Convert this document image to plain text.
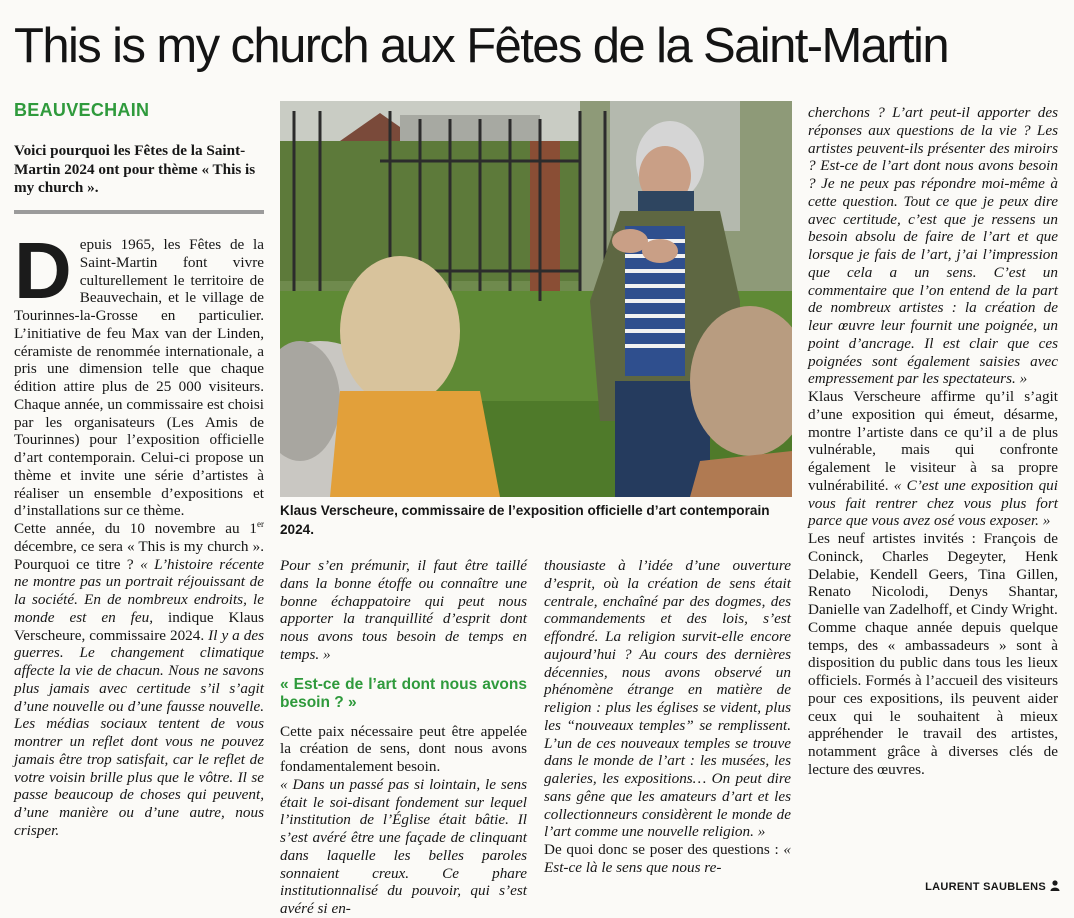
This is my church aux Fêtes de la Saint-Martin
BEAUVECHAIN
Voici pourquoi les Fêtes de la Saint-Martin 2024 ont pour thème « This is my church ».

Depuis 1965, les Fêtes de la Saint-Martin font vivre culturellement le territoire de Beauvechain, et le village de Tourinnes-la-Grosse en particulier. L’initiative de feu Max van der Linden, céramiste de renommée internationale, a pris une dimension telle que chaque édition attire plus de 25 000 visiteurs. Chaque année, un commissaire est choisi par les organisateurs (Les Amis de Tourinnes) pour l’exposition officielle d’art contemporain. Celui-ci propose un thème et invite une série d’artistes à réaliser un ensemble d’expositions et d’installations sur ce thème.

Cette année, du 10 novembre au 1er décembre, ce sera « This is my church ». Pourquoi ce titre ? « L’histoire récente ne montre pas un portrait réjouissant de la société. En de nombreux endroits, le monde est en feu, indique Klaus Verscheure, commissaire 2024. Il y a des guerres. Le changement climatique affecte la vie de chacun. Nous ne savons plus jamais avec certitude s’il s’agit d’une nouvelle ou d’une fausse nouvelle. Les médias sociaux tentent de vous montrer un reflet dont vous ne pouvez jamais être trop satisfait, car le reflet de votre voisin brille plus que le vôtre. Il se passe beaucoup de choses qui peuvent, d’une manière ou d’une autre, nous crisper.

Klaus Verscheure, commissaire de l’exposition officielle d’art contemporain 2024.

Pour s’en prémunir, il faut être taillé dans la bonne étoffe ou connaître une bonne échappatoire qui peut nous apporter la tranquillité d’esprit dont nous avons tous besoin de temps en temps. »

« Est-ce de l’art dont nous avons besoin ? »

Cette paix nécessaire peut être appelée la création de sens, dont nous avons fondamentalement besoin.

« Dans un passé pas si lointain, le sens était le soi-disant fondement sur lequel l’institution de l’Église était bâtie. Il s’est avéré être une façade de clinquant dans laquelle les belles paroles sonnaient creux. Ce phare institutionnalisé du pouvoir, qui s’est avéré si en-

thousiaste à l’idée d’une ouverture d’esprit, où la création de sens était centrale, enchaîné par des dogmes, des commandements et des lois, s’est effondré. La religion survit-elle encore aujourd’hui ? Au cours des dernières décennies, nous avons observé un phénomène étrange en matière de religion : plus les églises se vident, plus les “nouveaux temples” se remplissent. L’un de ces nouveaux temples se trouve dans le monde de l’art : les musées, les galeries, les expositions… On peut dire sans gêne que les amateurs d’art et les collectionneurs considèrent le monde de l’art comme une nouvelle religion. »

De quoi donc se poser des questions : « Est-ce là le sens que nous re-

cherchons ? L’art peut-il apporter des réponses aux questions de la vie ? Les artistes peuvent-ils présenter des miroirs ? Est-ce de l’art dont nous avons besoin ? Je ne peux pas répondre moi-même à cette question. Tout ce que je peux dire avec certitude, c’est que je ressens un besoin absolu de faire de l’art et que lorsque je fais de l’art, j’ai l’impression que cela a un sens. C’est un commentaire que l’on entend de la part de nombreux artistes : la création de leur œuvre leur fournit une poignée, un point d’ancrage. Il est clair que ces poignées sont également saisies avec empressement par les spectateurs. »

Klaus Verscheure affirme qu’il s’agit d’une exposition qui émeut, désarme, montre l’artiste dans ce qu’il a de plus vulnérable, mais qui confronte également le visiteur à sa propre vulnérabilité. « C’est une exposition qui vous fait rentrer chez vous plus fort parce que vous avez osé vous exposer. »

Les neuf artistes invités : François de Coninck, Charles Degeyter, Henk Delabie, Kendell Geers, Tina Gillen, Renato Nicolodi, Denys Shantar, Danielle van Zadelhoff, et Cindy Wright.

Comme chaque année depuis quelque temps, des « ambassadeurs » sont à disposition du public dans tous les lieux officiels. Formés à l’accueil des visiteurs pour ces expositions, ils peuvent aider ceux qui le souhaitent à mieux appréhender le travail des artistes, notamment grâce à diverses clés de lecture des œuvres.

LAURENT SAUBLENS
